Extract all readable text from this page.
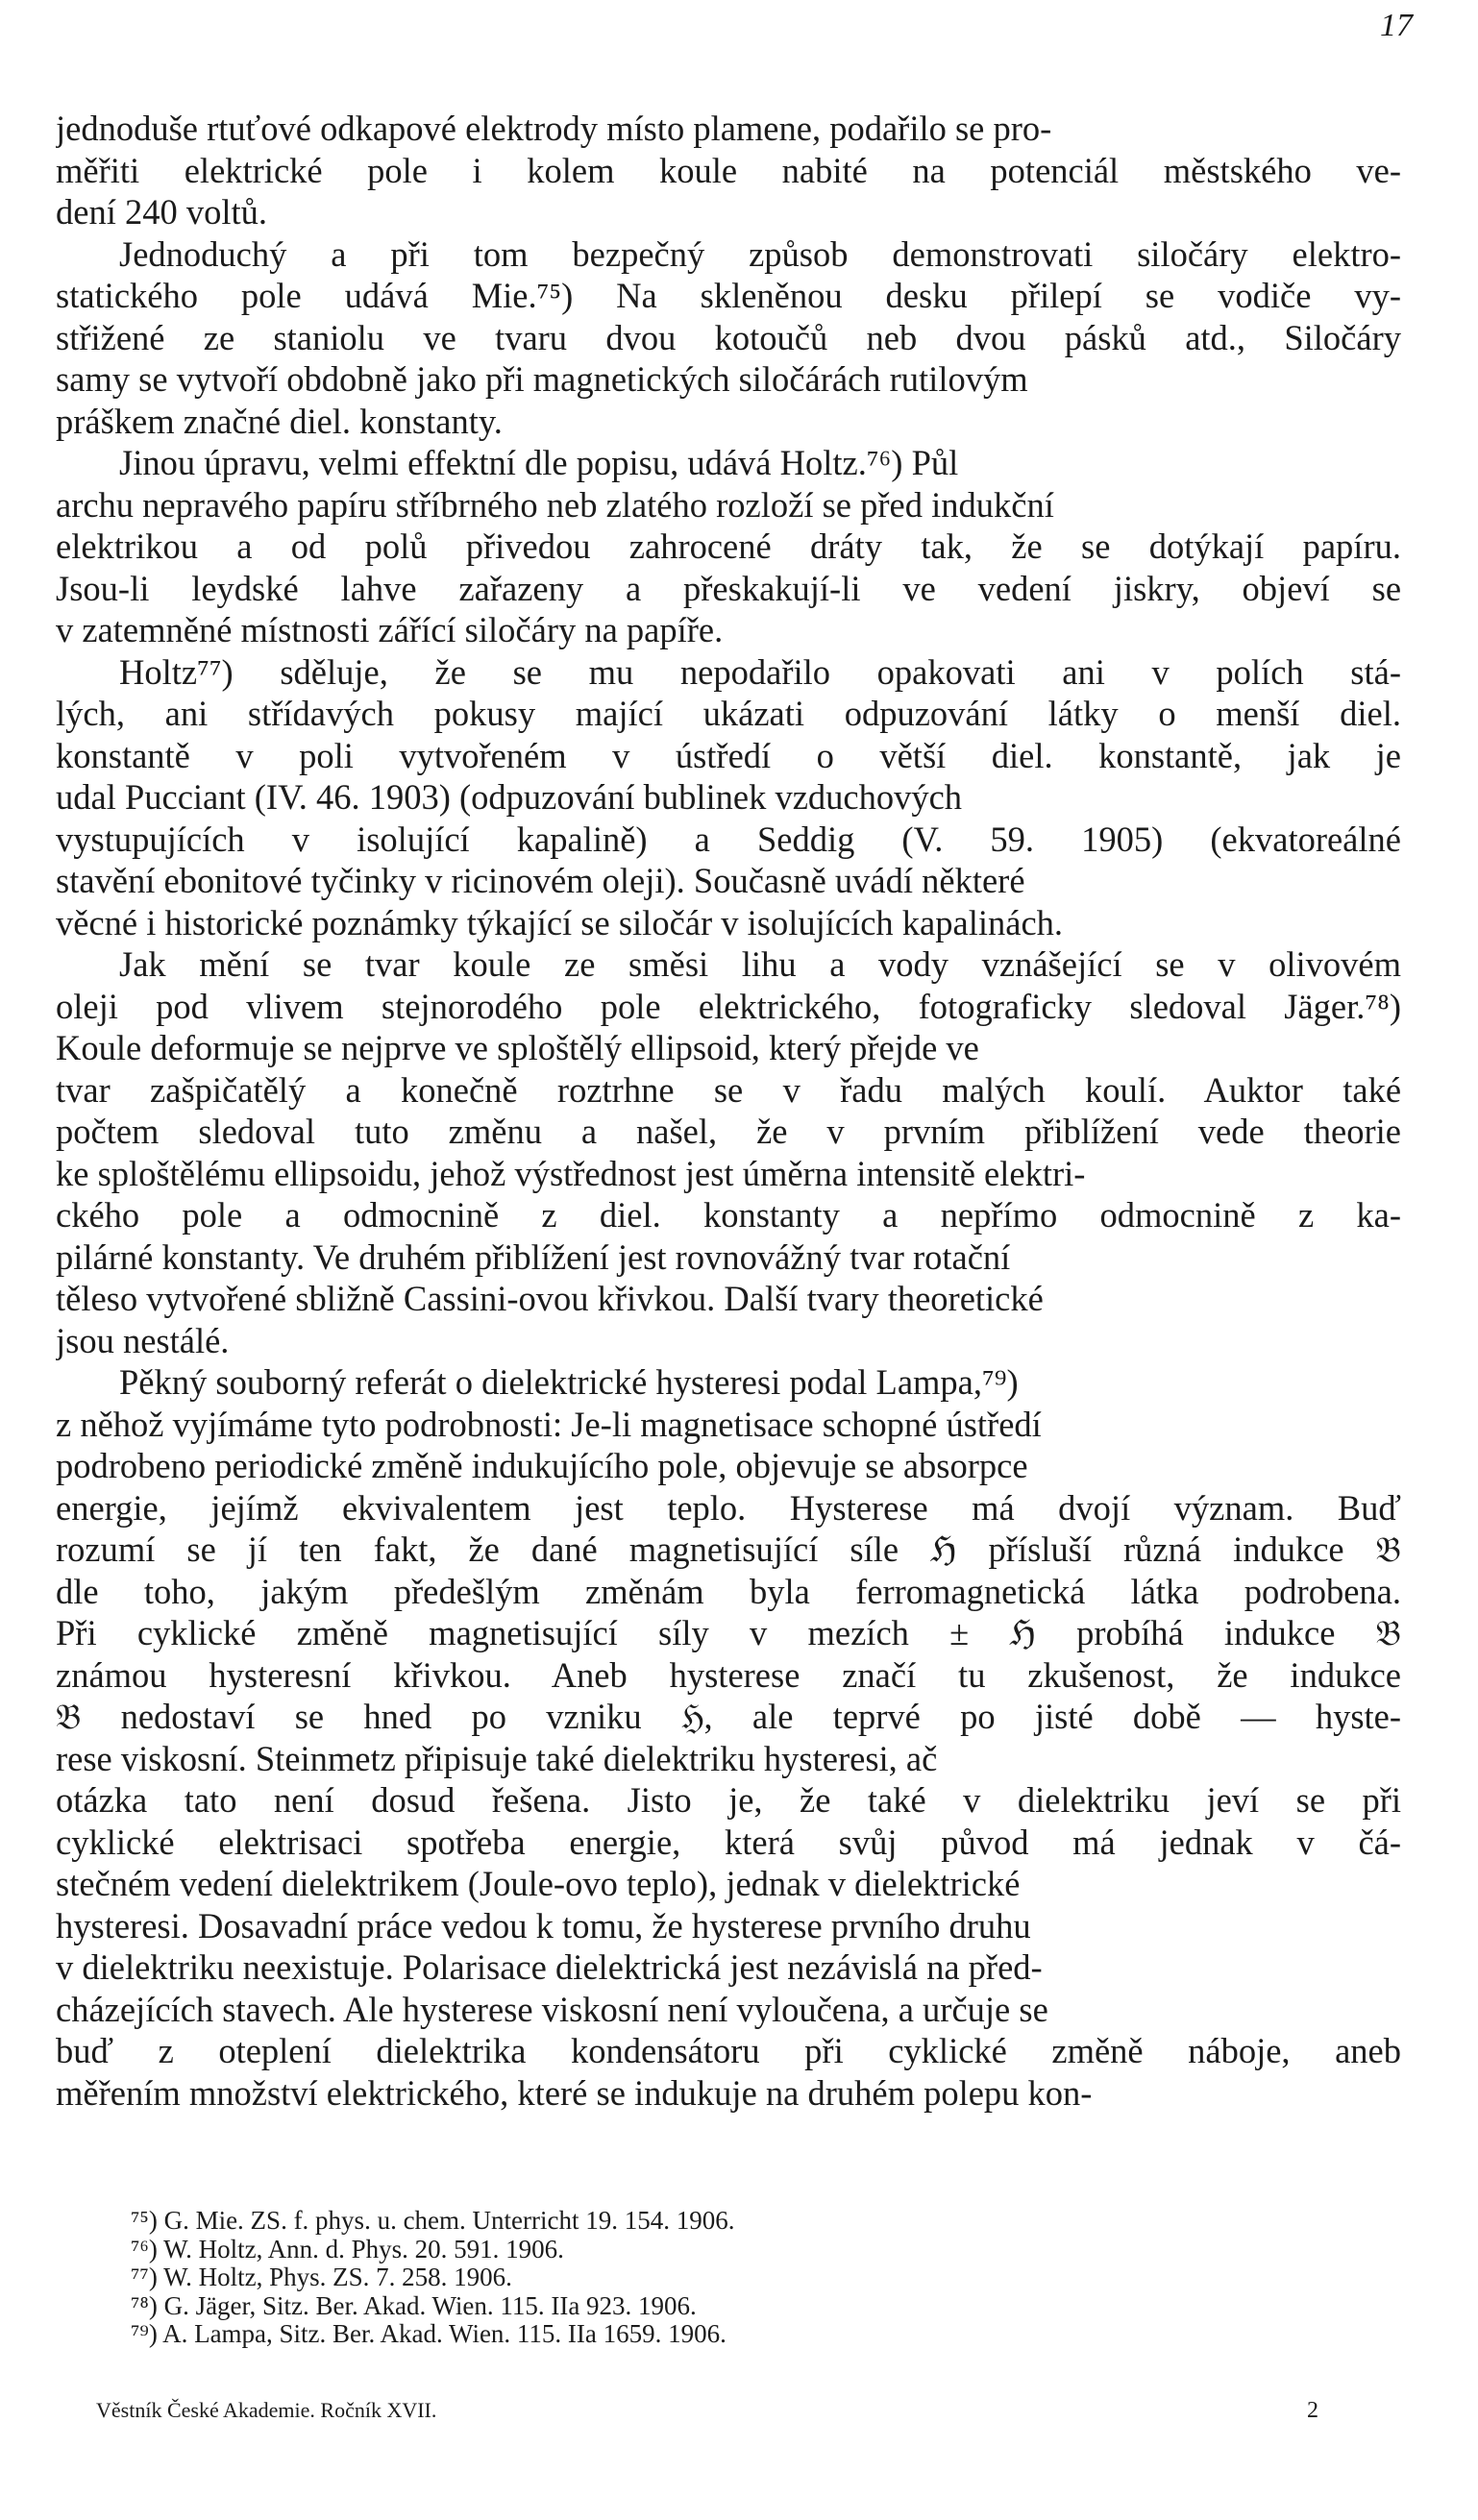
17
jednoduše rtuťové odkapové elektrody místo plamene, podařilo se pro-
měřiti elektrické pole i kolem koule nabité na potenciál městského ve-
dení 240 voltů.
Jednoduchý a při tom bezpečný způsob demonstrovati siločáry elektro-
statického pole udává Mie.⁷⁵) Na skleněnou desku přilepí se vodiče vy-
střižené ze staniolu ve tvaru dvou kotoučů neb dvou pásků atd., Siločáry
samy se vytvoří obdobně jako při magnetických siločárách rutilovým
práškem značné diel. konstanty.
Jinou úpravu, velmi effektní dle popisu, udává Holtz.⁷⁶) Půl
archu nepravého papíru stříbrného neb zlatého rozloží se před indukční
elektrikou a od polů přivedou zahrocené dráty tak, že se dotýkají papíru.
Jsou-li leydské lahve zařazeny a přeskakují-li ve vedení jiskry, objeví se
v zatemněné místnosti zářící siločáry na papíře.
Holtz⁷⁷) sděluje, že se mu nepodařilo opakovati ani v polích stá-
lých, ani střídavých pokusy mající ukázati odpuzování látky o menší diel.
konstantě v poli vytvořeném v ústředí o větší diel. konstantě, jak je
udal Pucciant (IV. 46. 1903) (odpuzování bublinek vzduchových
vystupujících v isolující kapalině) a Seddig (V. 59. 1905) (ekvatoreálné
stavění ebonitové tyčinky v ricinovém oleji). Současně uvádí některé
věcné i historické poznámky týkající se siločár v isolujících kapalinách.
Jak mění se tvar koule ze směsi lihu a vody vznášející se v olivovém
oleji pod vlivem stejnorodého pole elektrického, fotograficky sledoval Jäger.⁷⁸)
Koule deformuje se nejprve ve sploštělý ellipsoid, který přejde ve
tvar zašpičatělý a konečně roztrhne se v řadu malých koulí. Auktor také
počtem sledoval tuto změnu a našel, že v prvním přiblížení vede theorie
ke sploštělému ellipsoidu, jehož výstřednost jest úměrna intensitě elektri-
ckého pole a odmocnině z diel. konstanty a nepřímo odmocnině z ka-
pilárné konstanty. Ve druhém přiblížení jest rovnovážný tvar rotační
těleso vytvořené sbližně Cassini-ovou křivkou. Další tvary theoretické
jsou nestálé.
Pěkný souborný referát o dielektrické hysteresi podal Lampa,⁷⁹)
z něhož vyjímáme tyto podrobnosti: Je-li magnetisace schopné ústředí
podrobeno periodické změně indukujícího pole, objevuje se absorpce
energie, jejímž ekvivalentem jest teplo. Hysterese má dvojí význam. Buď
rozumí se jí ten fakt, že dané magnetisující síle ℌ přísluší různá indukce 𝔅
dle toho, jakým předešlým změnám byla ferromagnetická látka podrobena.
Při cyklické změně magnetisující síly v mezích ± ℌ probíhá indukce 𝔅
známou hysteresní křivkou. Aneb hysterese značí tu zkušenost, že indukce
𝔅 nedostaví se hned po vzniku ℌ, ale teprvé po jisté době — hyste-
rese viskosní. Steinmetz připisuje také dielektriku hysteresi, ač
otázka tato není dosud řešena. Jisto je, že také v dielektriku jeví se při
cyklické elektrisaci spotřeba energie, která svůj původ má jednak v čá-
stečném vedení dielektrikem (Joule-ovo teplo), jednak v dielektrické
hysteresi. Dosavadní práce vedou k tomu, že hysterese prvního druhu
v dielektriku neexistuje. Polarisace dielektrická jest nezávislá na před-
cházejících stavech. Ale hysterese viskosní není vyloučena, a určuje se
buď z oteplení dielektrika kondensátoru při cyklické změně náboje, aneb
měřením množství elektrického, které se indukuje na druhém polepu kon-
⁷⁵) G. Mie. ZS. f. phys. u. chem. Unterricht 19. 154. 1906.
⁷⁶) W. Holtz, Ann. d. Phys. 20. 591. 1906.
⁷⁷) W. Holtz, Phys. ZS. 7. 258. 1906.
⁷⁸) G. Jäger, Sitz. Ber. Akad. Wien. 115. IIa 923. 1906.
⁷⁹) A. Lampa, Sitz. Ber. Akad. Wien. 115. IIa 1659. 1906.
Věstník České Akademie. Ročník XVII.	2
